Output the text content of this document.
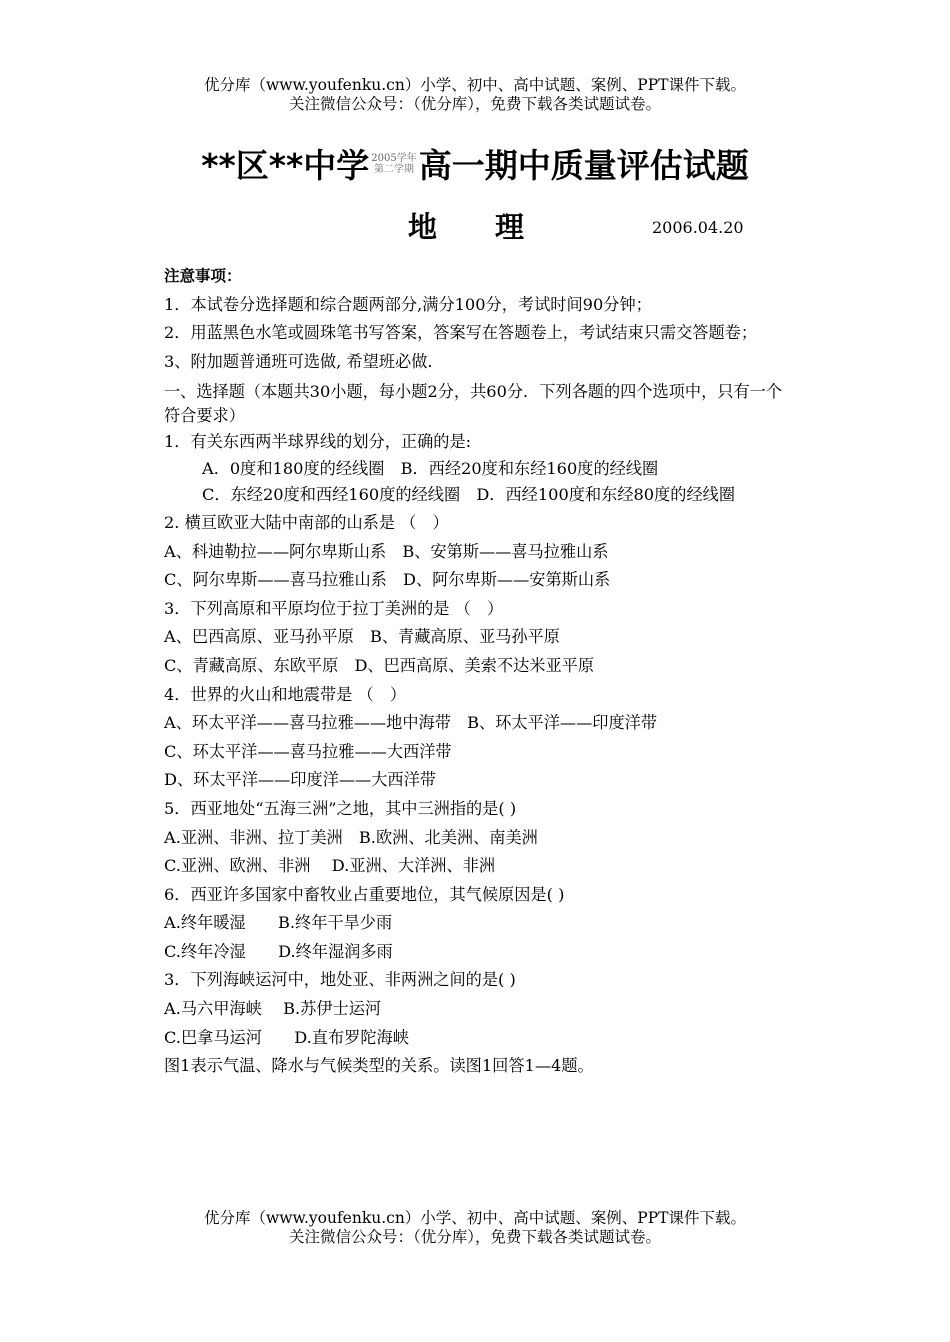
优分库（www.youfenku.cn）小学、初中、高中试题、案例、PPT课件下载。
关注微信公众号：（优分库），免费下载各类试题试卷。
**区**中学 2005学年
第二学期 高一期中质量评估试题
地 理	2006.04.20

注意事项：

1．本试卷分选择题和综合题两部分,满分100分，考试时间90分钟；

2．用蓝黑色水笔或圆珠笔书写答案，答案写在答题卷上，考试结束只需交答题卷；

3、附加题普通班可选做, 希望班必做.

一、选择题（本题共30小题，每小题2分，共60分．下列各题的四个选项中，只有一个符合要求）

1．有关东西两半球界线的划分，正确的是:

A．0度和180度的经线圈　B．西经20度和东经160度的经线圈

C．东经20度和西经160度的经线圈　D．西经100度和东经80度的经线圈

2. 横亘欧亚大陆中南部的山系是 （　）

A、科迪勒拉——阿尔卑斯山系　B、安第斯——喜马拉雅山系

C、阿尔卑斯——喜马拉雅山系　D、阿尔卑斯——安第斯山系

3．下列高原和平原均位于拉丁美洲的是 （　）

A、巴西高原、亚马孙平原　B、青藏高原、亚马孙平原

C、青藏高原、东欧平原　D、巴西高原、美索不达米亚平原

4．世界的火山和地震带是 （　）

A、环太平洋——喜马拉雅——地中海带　B、环太平洋——印度洋带

C、环太平洋——喜马拉雅——大西洋带

D、环太平洋——印度洋——大西洋带

5．西亚地处“五海三洲”之地，其中三洲指的是( )

A.亚洲、非洲、拉丁美洲　B.欧洲、北美洲、南美洲

C.亚洲、欧洲、非洲　 D.亚洲、大洋洲、非洲

6．西亚许多国家中畜牧业占重要地位，其气候原因是( )

A.终年暖湿　　B.终年干旱少雨

C.终年冷湿　　D.终年湿润多雨

3．下列海峡运河中，地处亚、非两洲之间的是( )

A.马六甲海峡　 B.苏伊士运河

C.巴拿马运河　　D.直布罗陀海峡

图1表示气温、降水与气候类型的关系。读图1回答1—4题。

优分库（www.youfenku.cn）小学、初中、高中试题、案例、PPT课件下载。
关注微信公众号：（优分库），免费下载各类试题试卷。
